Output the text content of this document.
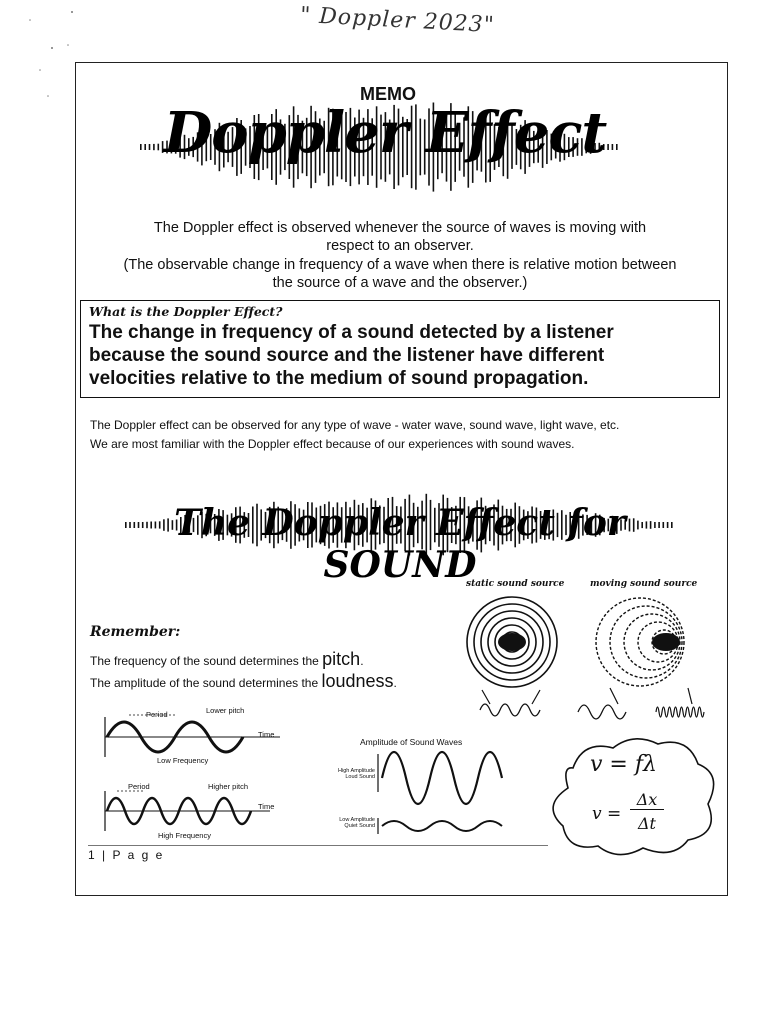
" Doppler 2023"
MEMO
Doppler Effect
The Doppler effect is observed whenever the source of waves is moving with
respect to an observer.
(The observable change in frequency of a wave when there is relative motion between
the source of a wave and the observer.)
What is the Doppler Effect?
The change in frequency of a sound detected by a listener
because the sound source and the listener have different
velocities relative to the medium of sound propagation.
The Doppler effect can be observed for any type of wave - water wave, sound wave, light wave, etc.
We are most familiar with the Doppler effect because of our experiences with sound waves.
The Doppler Effect for SOUND
static sound source	moving sound source
Remember:
The frequency of the sound determines the pitch.
The amplitude of the sound determines the loudness.
Period	Lower pitch
Time
Low Frequency
Period	Higher pitch
Time
High Frequency
Amplitude of Sound Waves
High Amplitude
Loud Sound
Low Amplitude
Quiet Sound
v = fλ
v =
Δx
Δt
1 | P a g e
